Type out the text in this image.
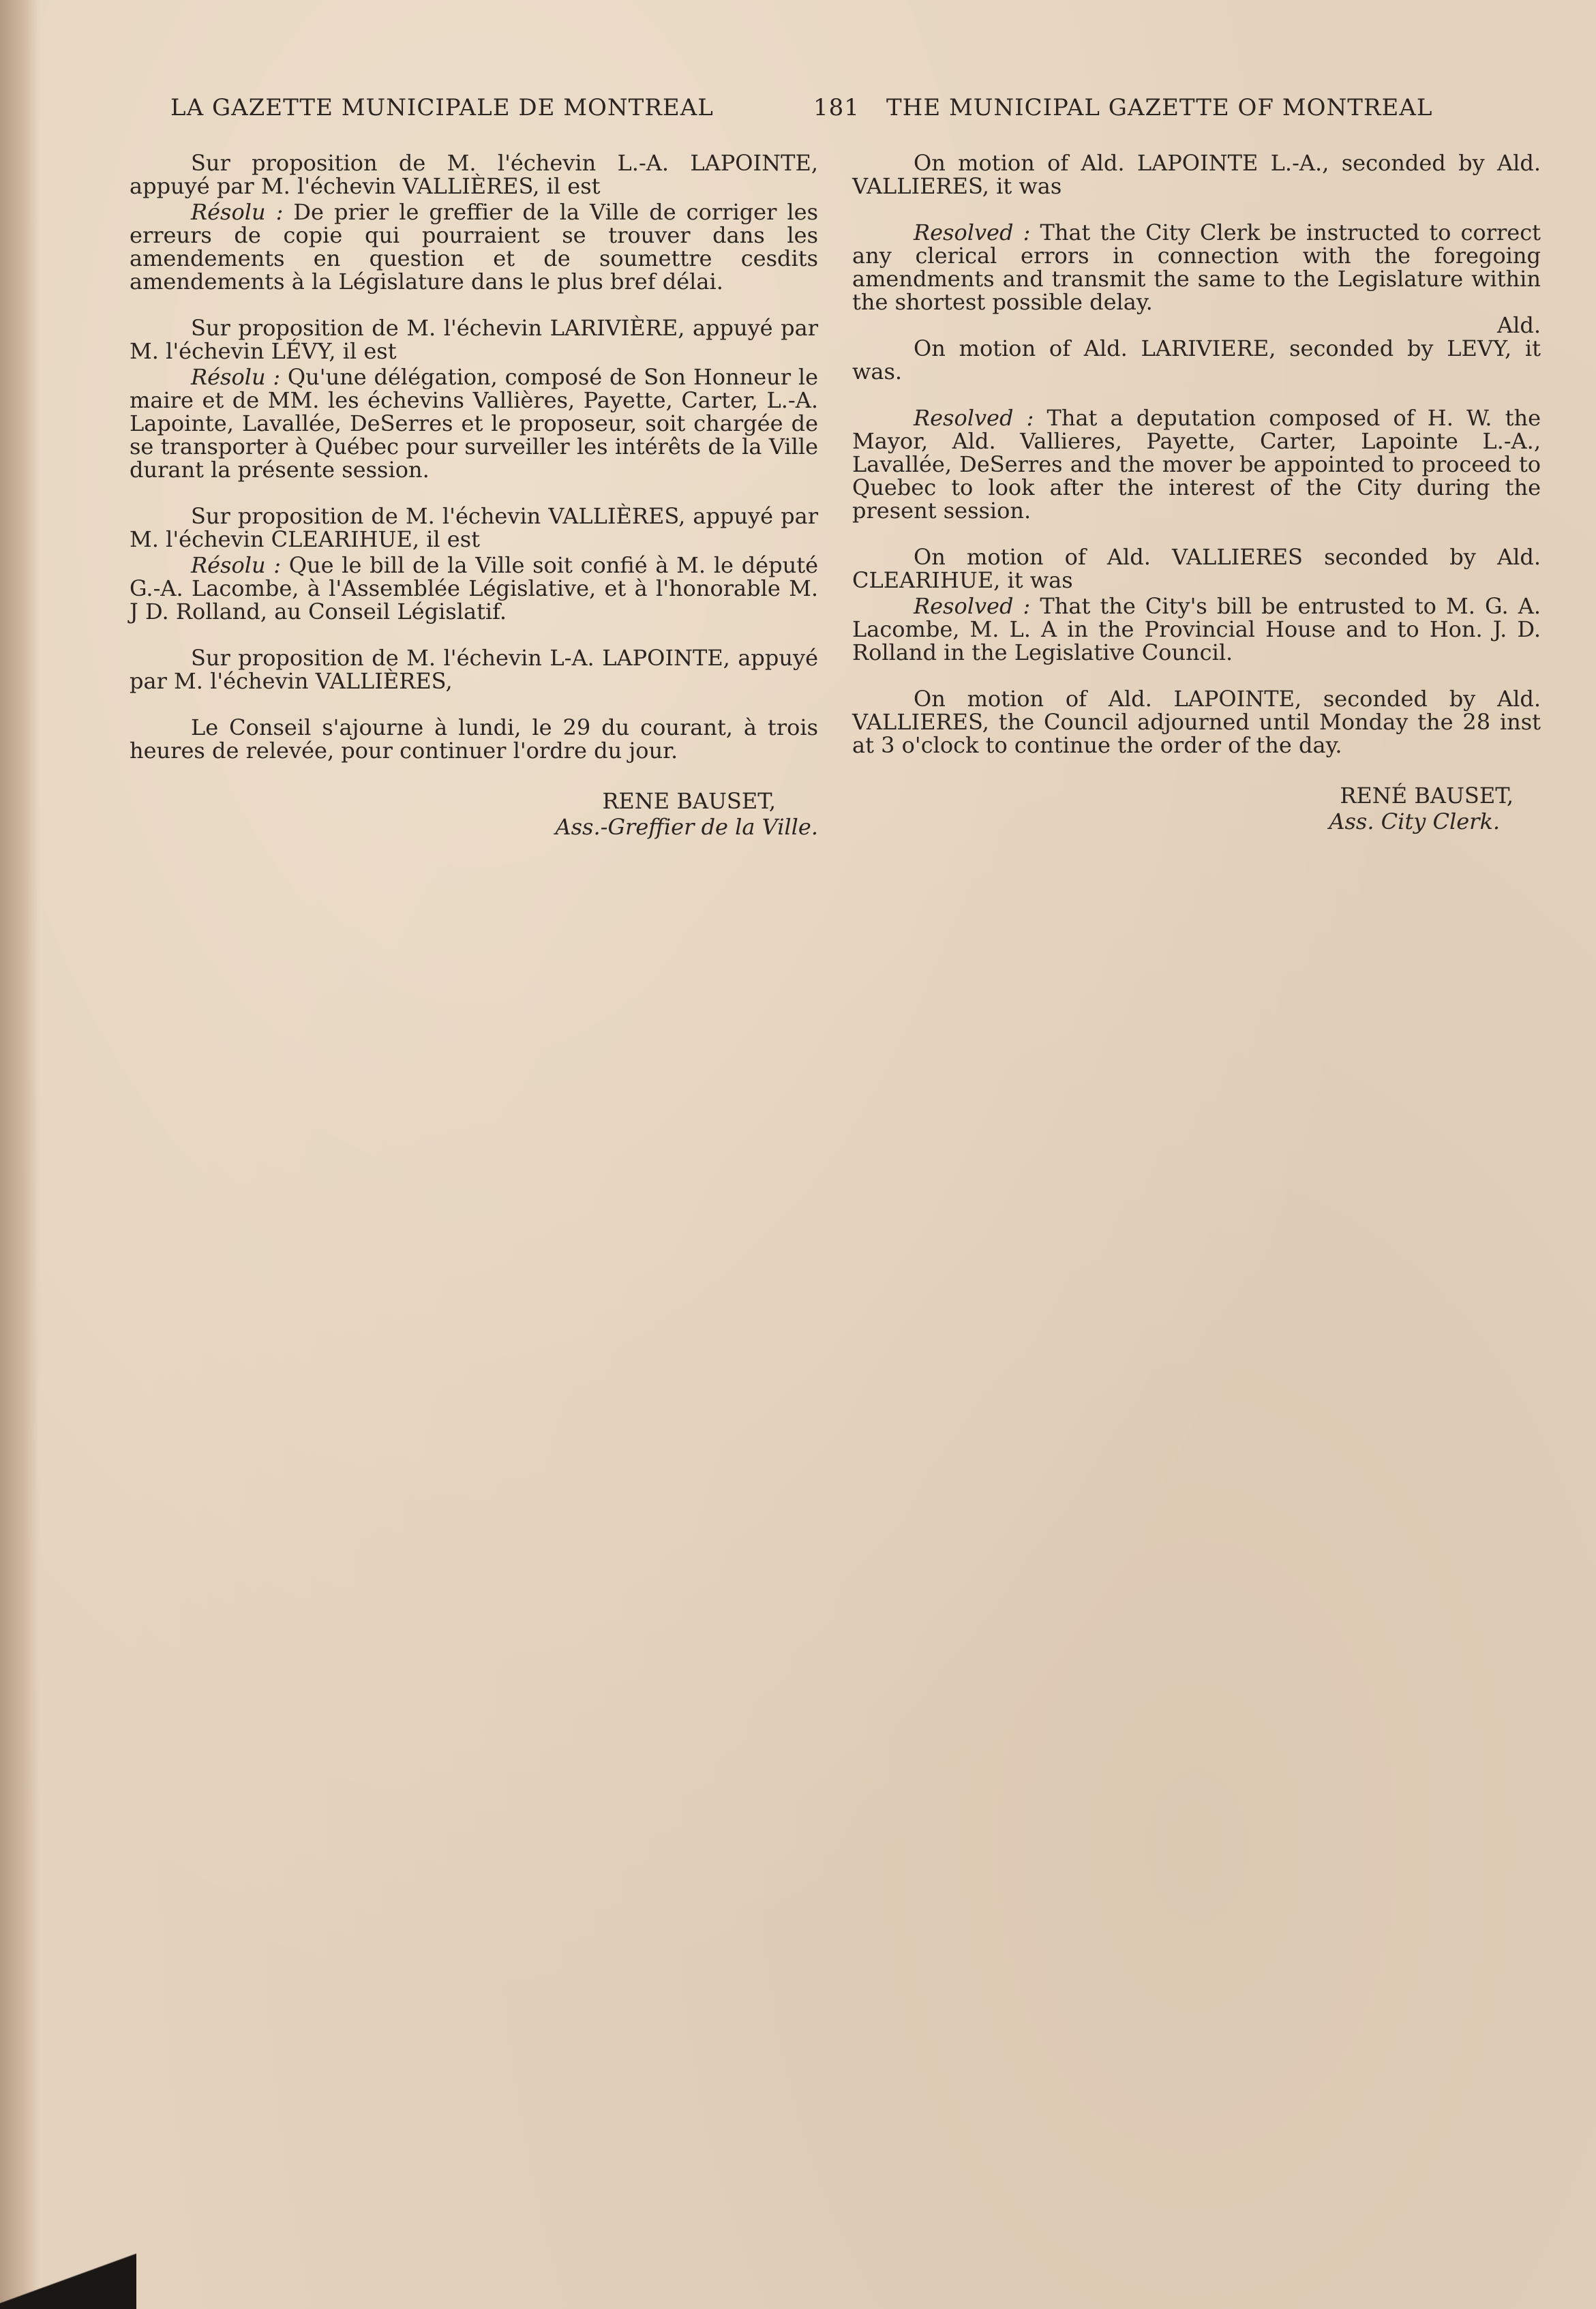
LA GAZETTE MUNICIPALE DE MONTREAL	181 THE MUNICIPAL GAZETTE OF MONTREAL

Sur proposition de M. l'échevin L.-A. LAPOINTE, appuyé par M. l'échevin VALLIÈRES, il est

Résolu : De prier le greffier de la Ville de corriger les erreurs de copie qui pourraient se trouver dans les amendements en question et de soumettre cesdits amendements à la Législature dans le plus bref délai.

Sur proposition de M. l'échevin LARIVIÈRE, appuyé par M. l'échevin LÉVY, il est

Résolu : Qu'une délégation, composé de Son Honneur le maire et de MM. les échevins Vallières, Payette, Carter, L.-A. Lapointe, Lavallée, DeSerres et le proposeur, soit chargée de se transporter à Québec pour surveiller les intérêts de la Ville durant la présente session.

Sur proposition de M. l'échevin VALLIÈRES, appuyé par M. l'échevin CLEARIHUE, il est

Résolu : Que le bill de la Ville soit confié à M. le député G.-A. Lacombe, à l'Assemblée Législative, et à l'honorable M. J D. Rolland, au Conseil Législatif.

Sur proposition de M. l'échevin L-A. LAPOINTE, appuyé par M. l'échevin VALLIÈRES,

Le Conseil s'ajourne à lundi, le 29 du courant, à trois heures de relevée, pour continuer l'ordre du jour.

RENE BAUSET,
Ass.-Greffier de la Ville.

On motion of Ald. LAPOINTE L.-A., seconded by Ald. VALLIERES, it was

Resolved : That the City Clerk be instructed to correct any clerical errors in connection with the foregoing amendments and transmit the same to the Legislature within the shortest possible delay.

Ald.

On motion of Ald. LARIVIERE, seconded by LEVY, it was.

Resolved : That a deputation composed of H. W. the Mayor, Ald. Vallieres, Payette, Carter, Lapointe L.-A., Lavallée, DeSerres and the mover be appointed to proceed to Quebec to look after the interest of the City during the present session.

On motion of Ald. VALLIERES seconded by Ald. CLEARIHUE, it was

Resolved : That the City's bill be entrusted to M. G. A. Lacombe, M. L. A in the Provincial House and to Hon. J. D. Rolland in the Legislative Council.

On motion of Ald. LAPOINTE, seconded by Ald. VALLIERES, the Council adjourned until Monday the 28 inst at 3 o'clock to continue the order of the day.

RENÉ BAUSET,
Ass. City Clerk.
